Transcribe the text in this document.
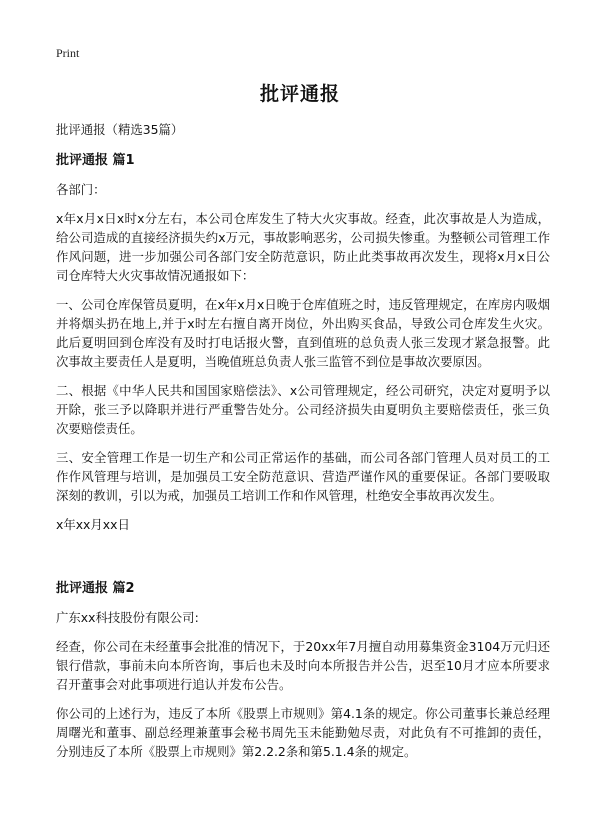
Print
批评通报

批评通报（精选35篇）

批评通报 篇1

各部门：

x年x月x日x时x分左右，本公司仓库发生了特大火灾事故。经查，此次事故是人为造成，给公司造成的直接经济损失约x万元，事故影响恶劣，公司损失惨重。为整顿公司管理工作作风问题，进一步加强公司各部门安全防范意识，防止此类事故再次发生，现将x月x日公司仓库特大火灾事故情况通报如下：

一、公司仓库保管员夏明，在x年x月x日晚于仓库值班之时，违反管理规定，在库房内吸烟并将烟头扔在地上,并于x时左右擅自离开岗位，外出购买食品，导致公司仓库发生火灾。此后夏明回到仓库没有及时打电话报火警，直到值班的总负责人张三发现才紧急报警。此次事故主要责任人是夏明，当晚值班总负责人张三监管不到位是事故次要原因。

二、根据《中华人民共和国国家赔偿法》、x公司管理规定，经公司研究，决定对夏明予以开除，张三予以降职并进行严重警告处分。公司经济损失由夏明负主要赔偿责任，张三负次要赔偿责任。

三、安全管理工作是一切生产和公司正常运作的基础，而公司各部门管理人员对员工的工作作风管理与培训，是加强员工安全防范意识、营造严谨作风的重要保证。各部门要吸取深刻的教训，引以为戒，加强员工培训工作和作风管理，杜绝安全事故再次发生。

x年xx月xx日

批评通报 篇2

广东xx科技股份有限公司:

经查，你公司在未经董事会批准的情况下，于20xx年7月擅自动用募集资金3104万元归还银行借款，事前未向本所咨询，事后也未及时向本所报告并公告，迟至10月才应本所要求召开董事会对此事项进行追认并发布公告。

你公司的上述行为，违反了本所《股票上市规则》第4.1条的规定。你公司董事长兼总经理周曙光和董事、副总经理兼董事会秘书周先玉未能勤勉尽责，对此负有不可推卸的责任，分别违反了本所《股票上市规则》第2.2.2条和第5.1.4条的规定。
